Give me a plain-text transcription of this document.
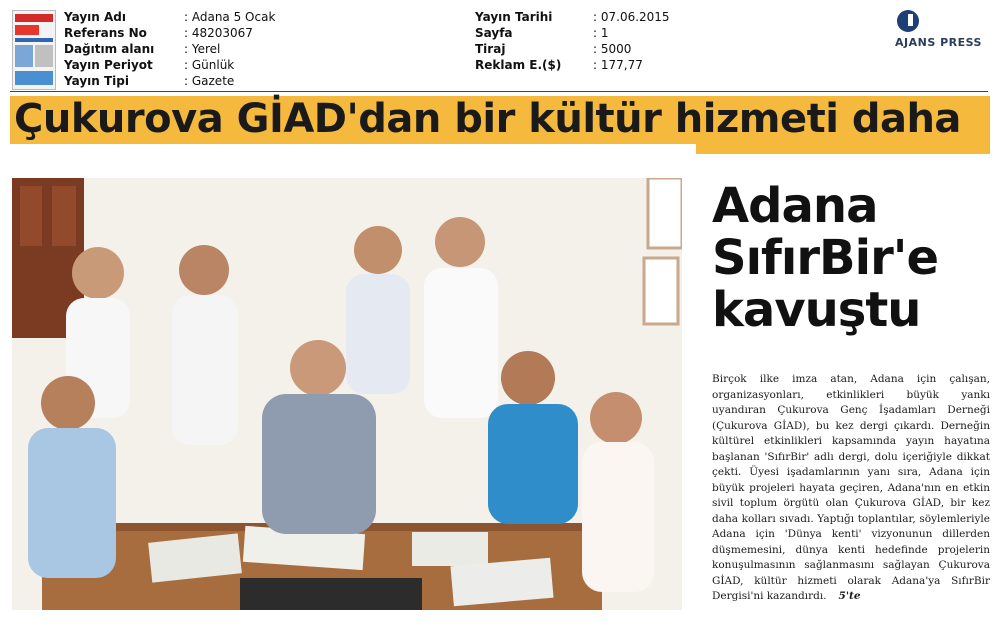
Yayın Adı	: Adana 5 Ocak
Referans No	: 48203067
Dağıtım alanı	: Yerel
Yayın Periyot	: Günlük
Yayın Tipi	: Gazete
Yayın Tarihi	: 07.06.2015
Sayfa	: 1
Tiraj	: 5000
Reklam E.($)	: 177,77
AJANS PRESS
Çukurova GİAD'dan bir kültür hizmeti daha
Adana
SıfırBir'e
kavuştu

Birçok ilke imza atan, Adana için çalışan, organizasyonları, etkinlikleri büyük yankı uyandıran Çukurova Genç İşadamları Derneği (Çukurova GİAD), bu kez dergi çıkardı. Derneğin kültürel etkinlikleri kapsamında yayın hayatına başlanan 'SıfırBir' adlı dergi, dolu içeriğiyle dikkat çekti. Üyesi işadamlarının yanı sıra, Adana için büyük projeleri hayata geçiren, Adana'nın en etkin sivil toplum örgütü olan Çukurova GİAD, bir kez daha kolları sıvadı. Yaptığı toplantılar, söylemleriyle Adana için 'Dünya kenti' vizyonunun dillerden düşmemesini, dünya kenti hedefinde projelerin konuşulmasının sağlanmasını sağlayan Çukurova GİAD, kültür hizmeti olarak Adana'ya SıfırBir Dergisi'ni kazandırdı. 5'te
